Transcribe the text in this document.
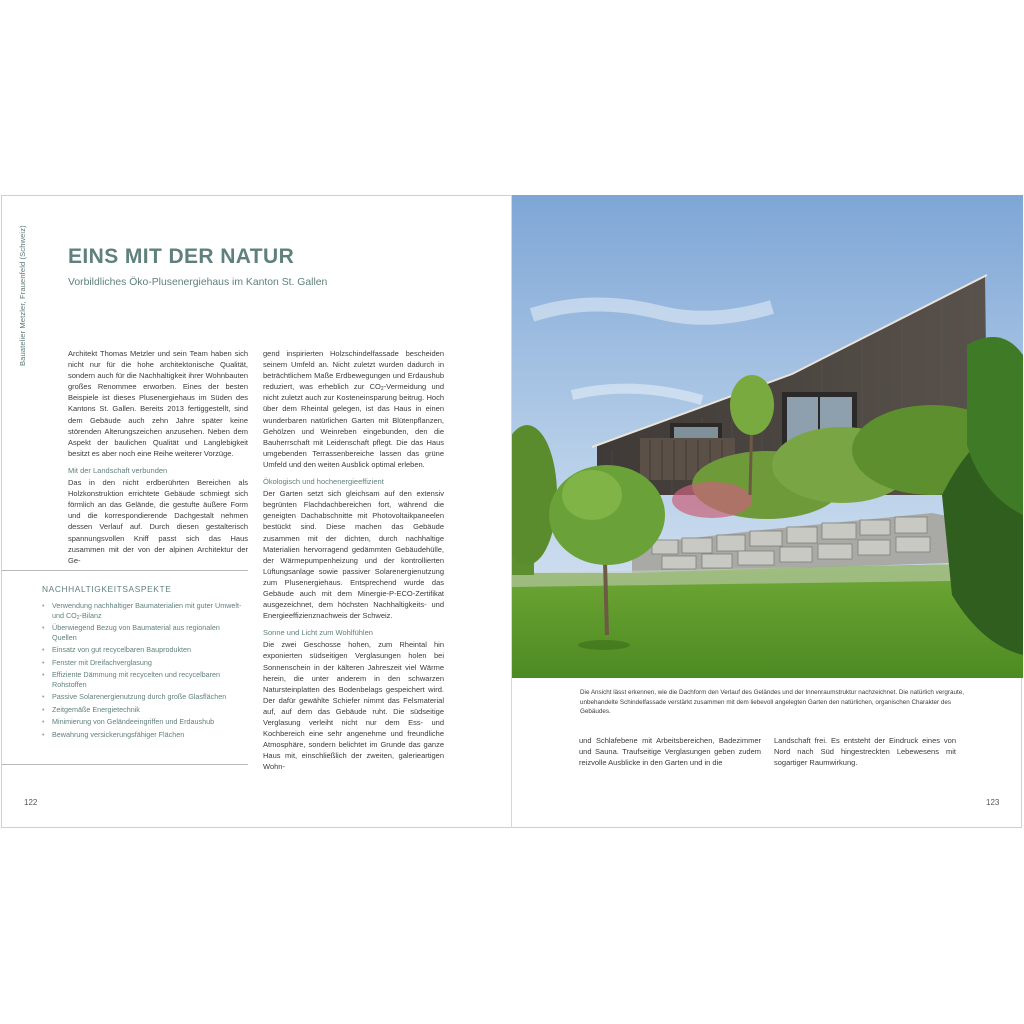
Bauatelier Metzler, Frauenfeld (Schweiz) EINS MIT DER NATUR
Vorbildliches Öko-Plusenergiehaus im Kanton St. Gallen

Architekt Thomas Metzler und sein Team haben sich nicht nur für die hohe architektonische Qualität, sondern auch für die Nachhaltigkeit ihrer Wohnbauten großes Renommee erworben. Eines der besten Beispiele ist dieses Plusenergiehaus im Süden des Kantons St. Gallen. Bereits 2013 fertiggestellt, sind dem Gebäude auch zehn Jahre später keine störenden Alterungszeichen anzusehen. Neben dem Aspekt der baulichen Qualität und Langlebigkeit besitzt es aber noch eine Reihe weiterer Vorzüge.

Mit der Landschaft verbunden

Das in den nicht erdberührten Bereichen als Holzkonstruktion errichtete Gebäude schmiegt sich förmlich an das Gelände, die gestufte äußere Form und die korrespondierende Dachgestalt nehmen dessen Verlauf auf. Durch diesen gestalterisch spannungsvollen Kniff passt sich das Haus zusammen mit der von der alpinen Architektur der Ge-

gend inspirierten Holzschindelfassade bescheiden seinem Umfeld an. Nicht zuletzt wurden dadurch in beträchtlichem Maße Erdbewegungen und Erdaushub reduziert, was erheblich zur $CO_2$-Vermeidung und nicht zuletzt auch zur Kosteneinsparung beitrug. Hoch über dem Rheintal gelegen, ist das Haus in einen wunderbaren natürlichen Garten mit Blütenpflanzen, Gehölzen und Weinreben eingebunden, den die Bauherrschaft mit Leidenschaft pflegt. Die das Haus umgebenden Terrassenbereiche lassen das grüne Umfeld und den weiten Ausblick optimal erleben.

Ökologisch und hochenergieeffizient

Der Garten setzt sich gleichsam auf den extensiv begrünten Flachdachbereichen fort, während die geneigten Dachabschnitte mit Photovoltaikpaneelen bestückt sind. Diese machen das Gebäude zusammen mit der dichten, durch nachhaltige Materialien hervorragend gedämmten Gebäudehülle, der Wärmepumpenheizung und der kontrollierten Lüftungsanlage sowie passiver Solarenergienutzung zum Plusenergiehaus. Entsprechend wurde das Gebäude auch mit dem Minergie-P-ECO-Zertifikat ausgezeichnet, dem höchsten Nachhaltigkeits- und Energieeffizienznachweis der Schweiz.

Sonne und Licht zum Wohlfühlen

Die zwei Geschosse hohen, zum Rheintal hin exponierten südseitigen Verglasungen holen bei Sonnenschein in der kälteren Jahreszeit viel Wärme herein, die unter anderem in den schwarzen Natursteinplatten des Bodenbelags gespeichert wird. Der dafür gewählte Schiefer nimmt das Felsmaterial auf, auf dem das Gebäude ruht. Die südseitige Verglasung verleiht nicht nur dem Ess- und Kochbereich eine sehr angenehme und freundliche Atmosphäre, sondern belichtet im Grunde das ganze Haus mit, einschließlich der zweiten, galerieartigen Wohn-

NACHHALTIGKEITSASPEKTE
• Verwendung nachhaltiger Baumaterialien mit guter Umwelt- und $CO_2$-Bilanz
• Überwiegend Bezug von Baumaterial aus regionalen Quellen
• Einsatz von gut recycelbaren Bauprodukten
• Fenster mit Dreifachverglasung
• Effiziente Dämmung mit recycelten und recycelbaren Rohstoffen
• Passive Solarenergienutzung durch große Glasflächen
• Zeitgemäße Energietechnik
• Minimierung von Geländeeingriffen und Erdaushub
• Bewahrung versickerungsfähiger Flächen
122

Die Ansicht lässt erkennen, wie die Dachform den Verlauf des Geländes und der Innenraumstruktur nachzeichnet. Die natürlich vergraute, unbehandelte Schindelfassade verstärkt zusammen mit dem liebevoll angelegten Garten den natürlichen, organischen Charakter des Gebäudes.

und Schlafebene mit Arbeitsbereichen, Badezimmer und Sauna. Traufseitige Verglasungen geben zudem reizvolle Ausblicke in den Garten und in die

Landschaft frei. Es entsteht der Eindruck eines von Nord nach Süd hingestreckten Lebewesens mit sogartiger Raumwirkung.

123
